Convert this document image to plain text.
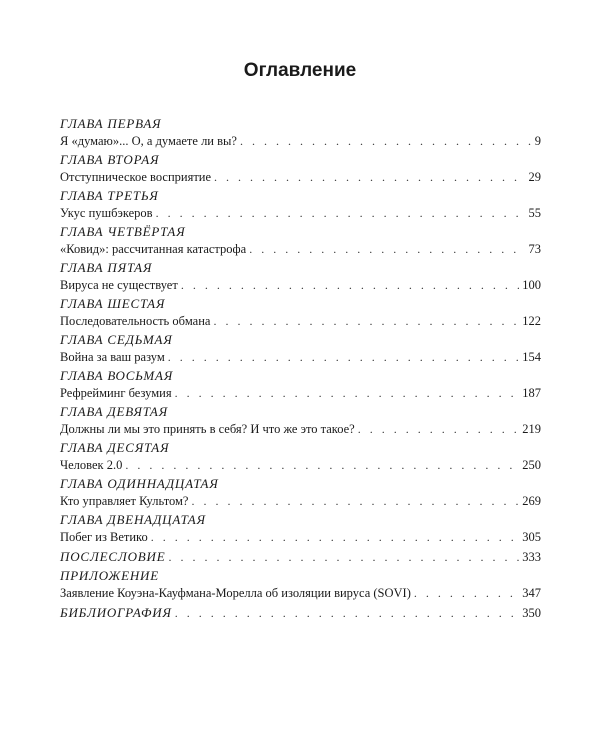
Оглавление
ГЛАВА ПЕРВАЯ
Я «думаю»... О, а думаете ли вы? . . .	9
ГЛАВА ВТОРАЯ
Отступническое восприятие . . .	29
ГЛАВА ТРЕТЬЯ
Укус пушбэкеров . . .	55
ГЛАВА ЧЕТВЁРТАЯ
«Ковид»: рассчитанная катастрофа . . .	73
ГЛАВА ПЯТАЯ
Вируса не существует . . .	100
ГЛАВА ШЕСТАЯ
Последовательность обмана . . .	122
ГЛАВА СЕДЬМАЯ
Война за ваш разум . . .	154
ГЛАВА ВОСЬМАЯ
Рефрейминг безумия . . .	187
ГЛАВА ДЕВЯТАЯ
Должны ли мы это принять в себя? И что же это такое? . . .	219
ГЛАВА ДЕСЯТАЯ
Человек 2.0 . . .	250
ГЛАВА ОДИННАДЦАТАЯ
Кто управляет Культом? . . .	269
ГЛАВА ДВЕНАДЦАТАЯ
Побег из Ветико . . .	305
ПОСЛЕСЛОВИЕ . . .	333
ПРИЛОЖЕНИЕ
Заявление Коуэна-Кауфмана-Морелла об изоляции вируса (SOVI) . . .	347
БИБЛИОГРАФИЯ . . .	350
